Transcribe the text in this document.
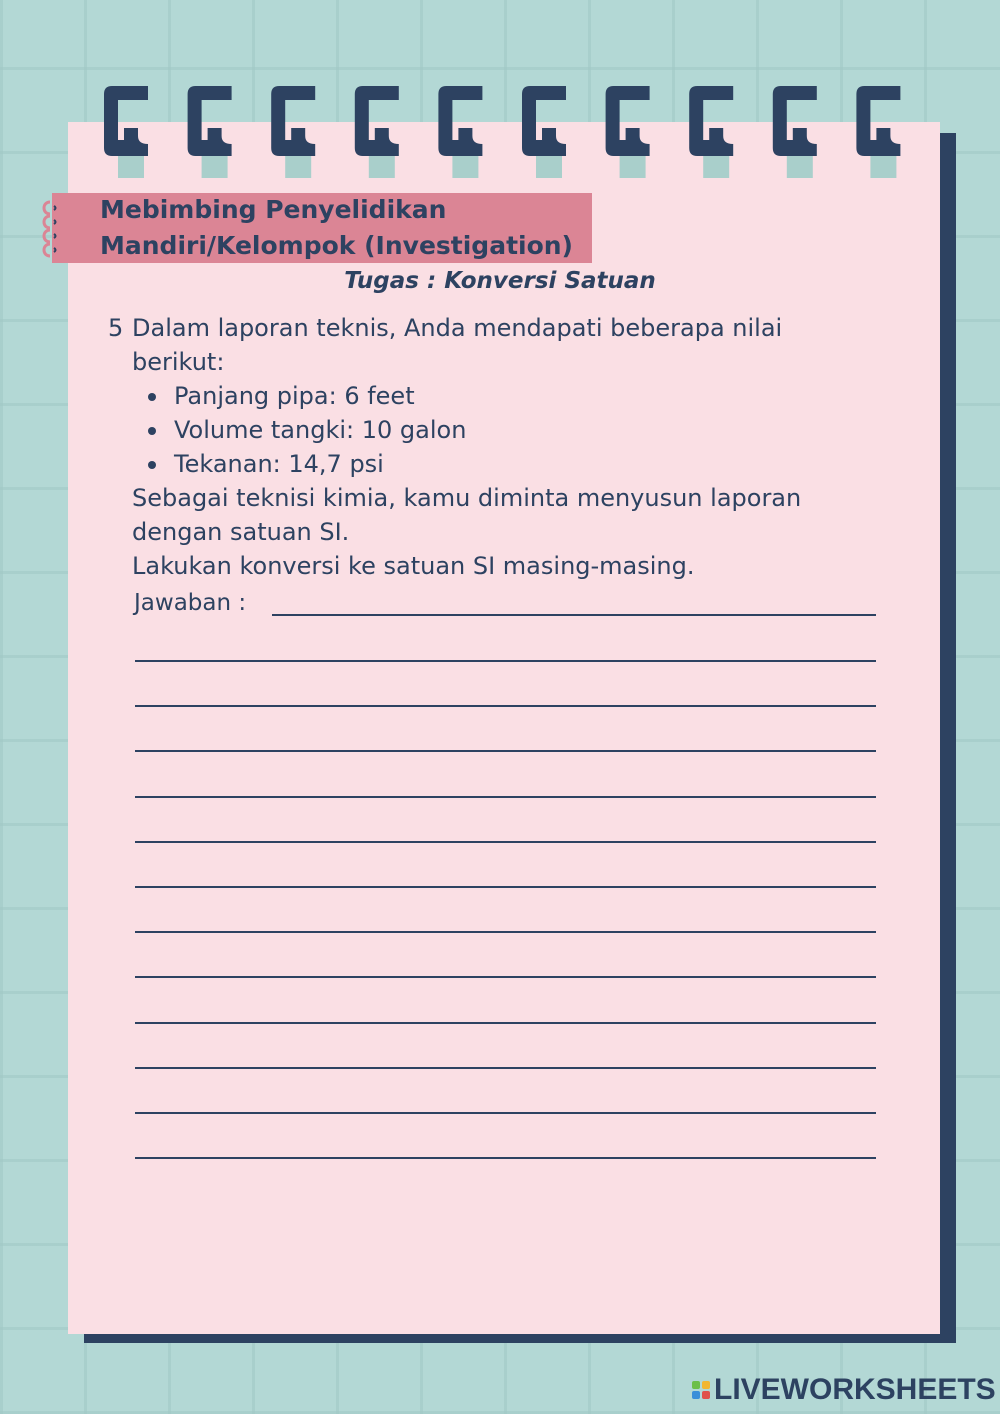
Mebimbing Penyelidikan
Mandiri/Kelompok (Investigation)
Tugas : Konversi Satuan

5 Dalam laporan teknis, Anda mendapati beberapa nilai

berikut:

Panjang pipa: 6 feet
Volume tangki: 10 galon
Tekanan: 14,7 psi

Sebagai teknisi kimia, kamu diminta menyusun laporan

dengan satuan SI.

Lakukan konversi ke satuan SI masing-masing.

Jawaban :
LIVEWORKSHEETS
